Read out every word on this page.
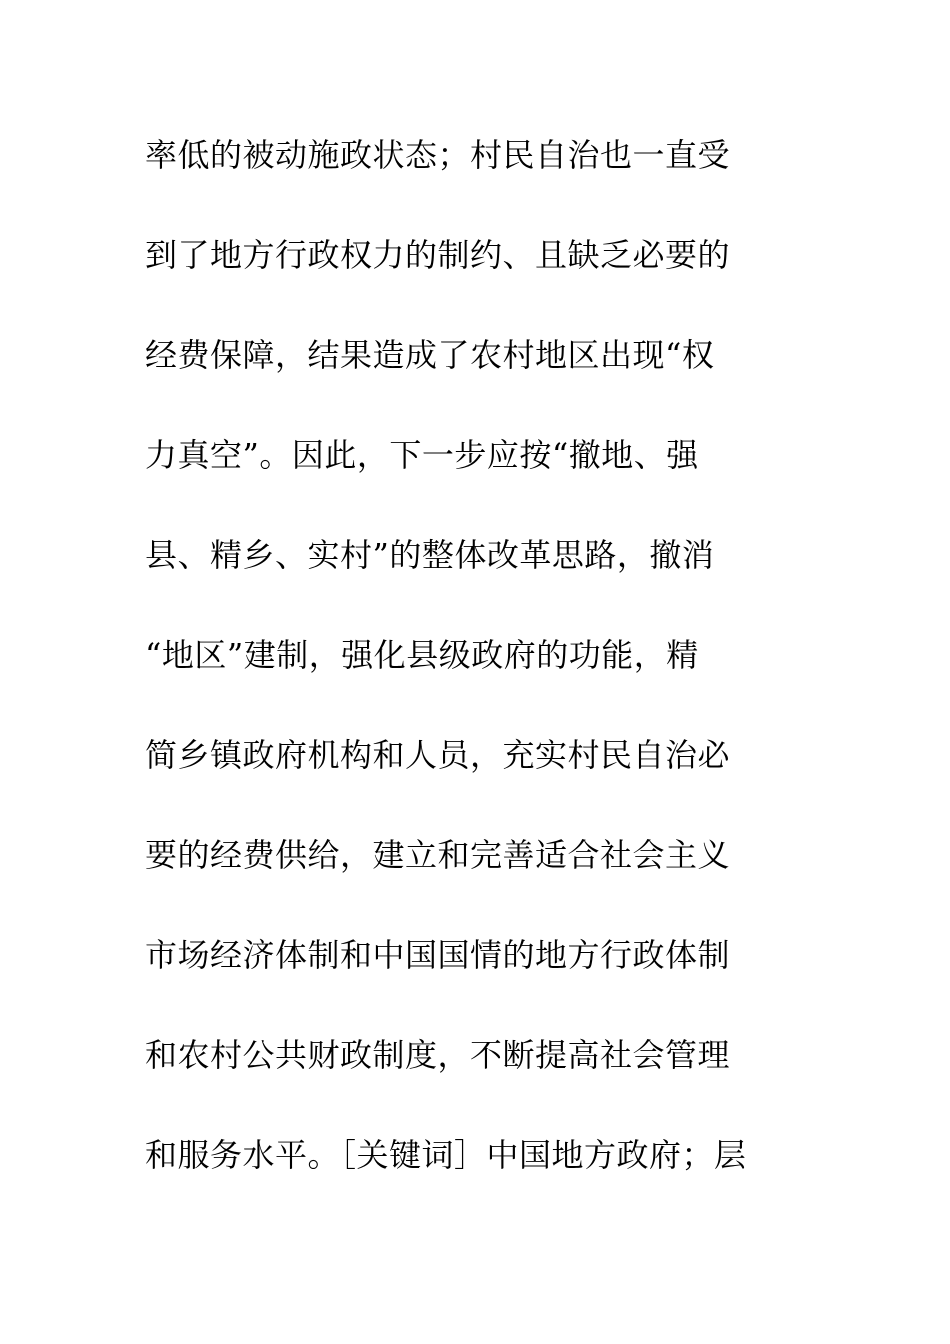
率低的被动施政状态；村民自治也一直受
到了地方行政权力的制约、且缺乏必要的
经费保障，结果造成了农村地区出现“权
力真空”。因此，下一步应按“撤地、强
县、精乡、实村”的整体改革思路，撤消
“地区”建制，强化县级政府的功能，精
简乡镇政府机构和人员，充实村民自治必
要的经费供给，建立和完善适合社会主义
市场经济体制和中国国情的地方行政体制
和农村公共财政制度，不断提高社会管理
和服务水平。［关键词］中国地方政府；层
